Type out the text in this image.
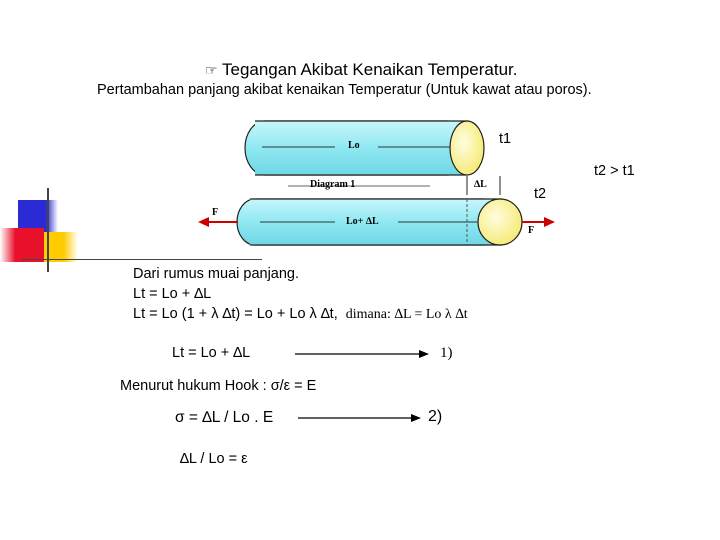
☞ Tegangan Akibat Kenaikan Temperatur.
Pertambahan panjang akibat kenaikan Temperatur (Untuk kawat atau poros).
Lo
Lo+ ∆L
Diagram 1	∆L
F
F
t1
t2
t2 > t1
Dari rumus muai panjang.
Lt = Lo + ∆L
Lt = Lo (1 + λ ∆t) = Lo + Lo λ ∆t, dimana: ∆L = Lo λ ∆t
Lt = Lo + ∆L	1)
Menurut hukum Hook : σ/ε = E
σ = ∆L / Lo . E	2)
∆L / Lo = ε
